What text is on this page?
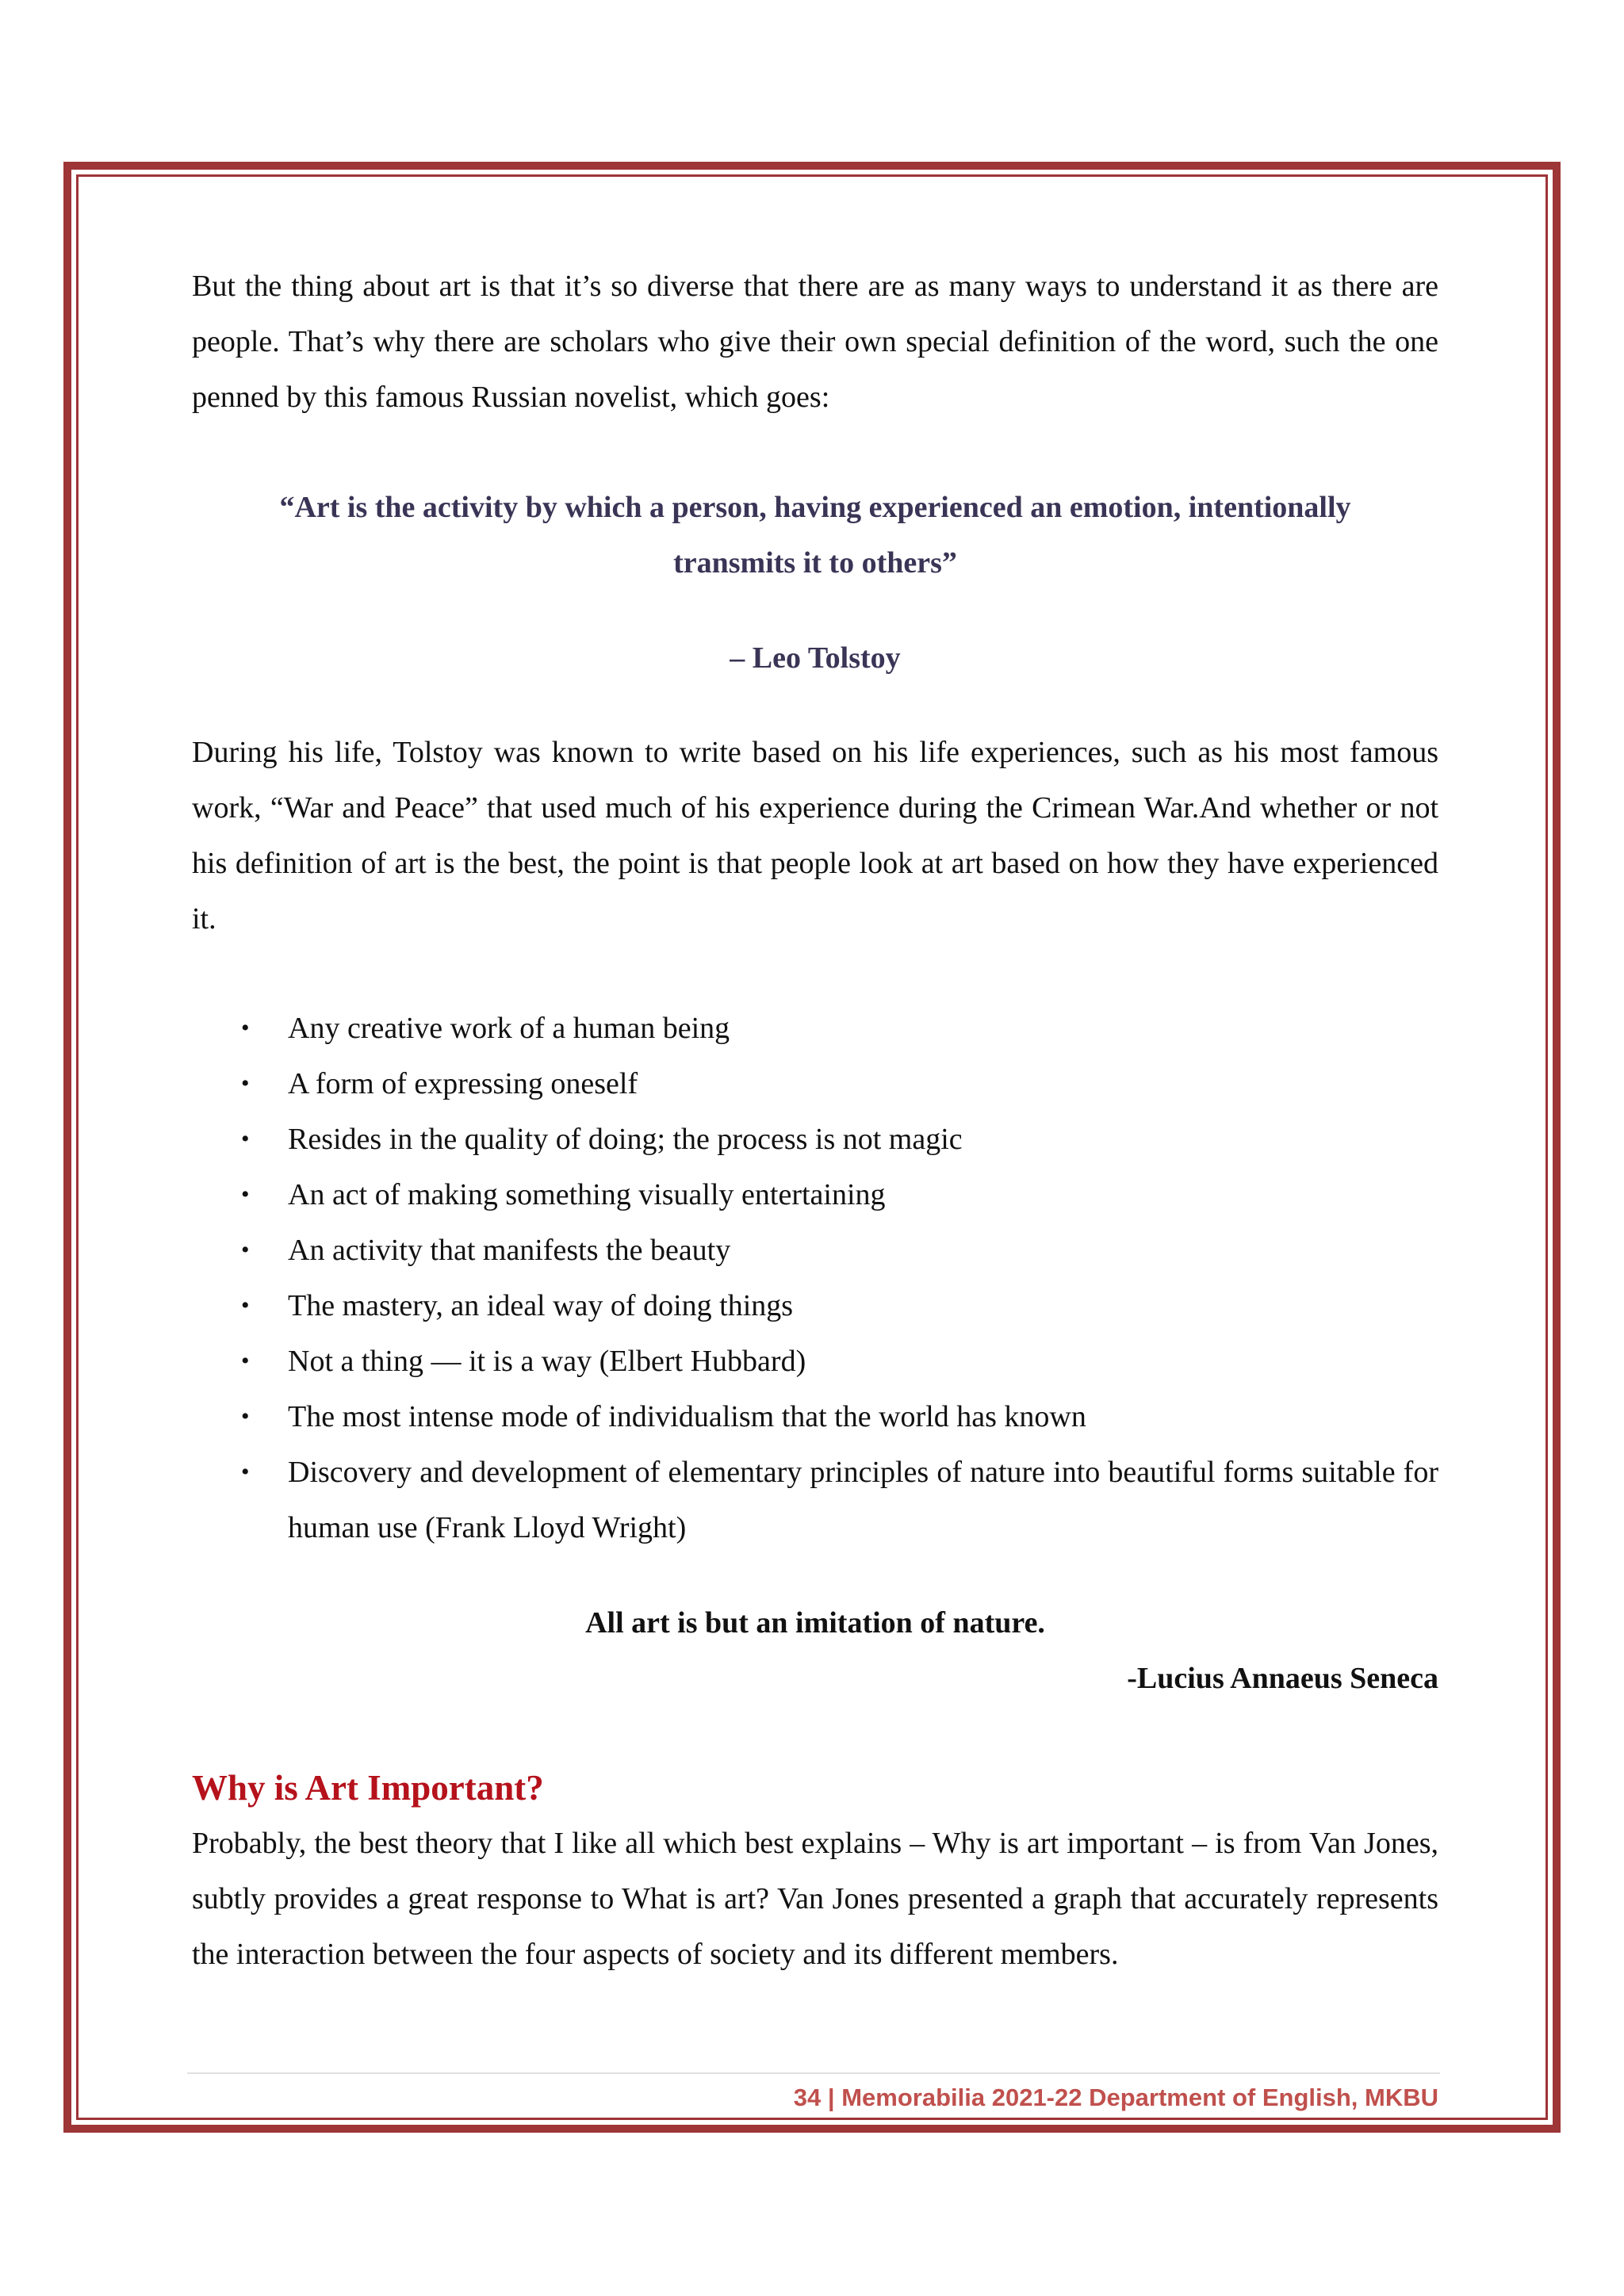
But the thing about art is that it’s so diverse that there are as many ways to understand it as there are people. That’s why there are scholars who give their own special definition of the word, such the one penned by this famous Russian novelist, which goes:

“Art is the activity by which a person, having experienced an emotion, intentionally

transmits it to others”

– Leo Tolstoy

During his life, Tolstoy was known to write based on his life experiences, such as his most famous work, “War and Peace” that used much of his experience during the Crimean War.And whether or not his definition of art is the best, the point is that people look at art based on how they have experienced it.

• Any creative work of a human being
• A form of expressing oneself
• Resides in the quality of doing; the process is not magic
• An act of making something visually entertaining
• An activity that manifests the beauty
• The mastery, an ideal way of doing things
• Not a thing — it is a way (Elbert Hubbard)
• The most intense mode of individualism that the world has known
• Discovery and development of elementary principles of nature into beautiful forms suitable for human use (Frank Lloyd Wright)

All art is but an imitation of nature.

-Lucius Annaeus Seneca

Why is Art Important?

Probably, the best theory that I like all which best explains – Why is art important – is from Van Jones, subtly provides a great response to What is art? Van Jones presented a graph that accurately represents the interaction between the four aspects of society and its different members.

34 | Memorabilia 2021-22 Department of English, MKBU
